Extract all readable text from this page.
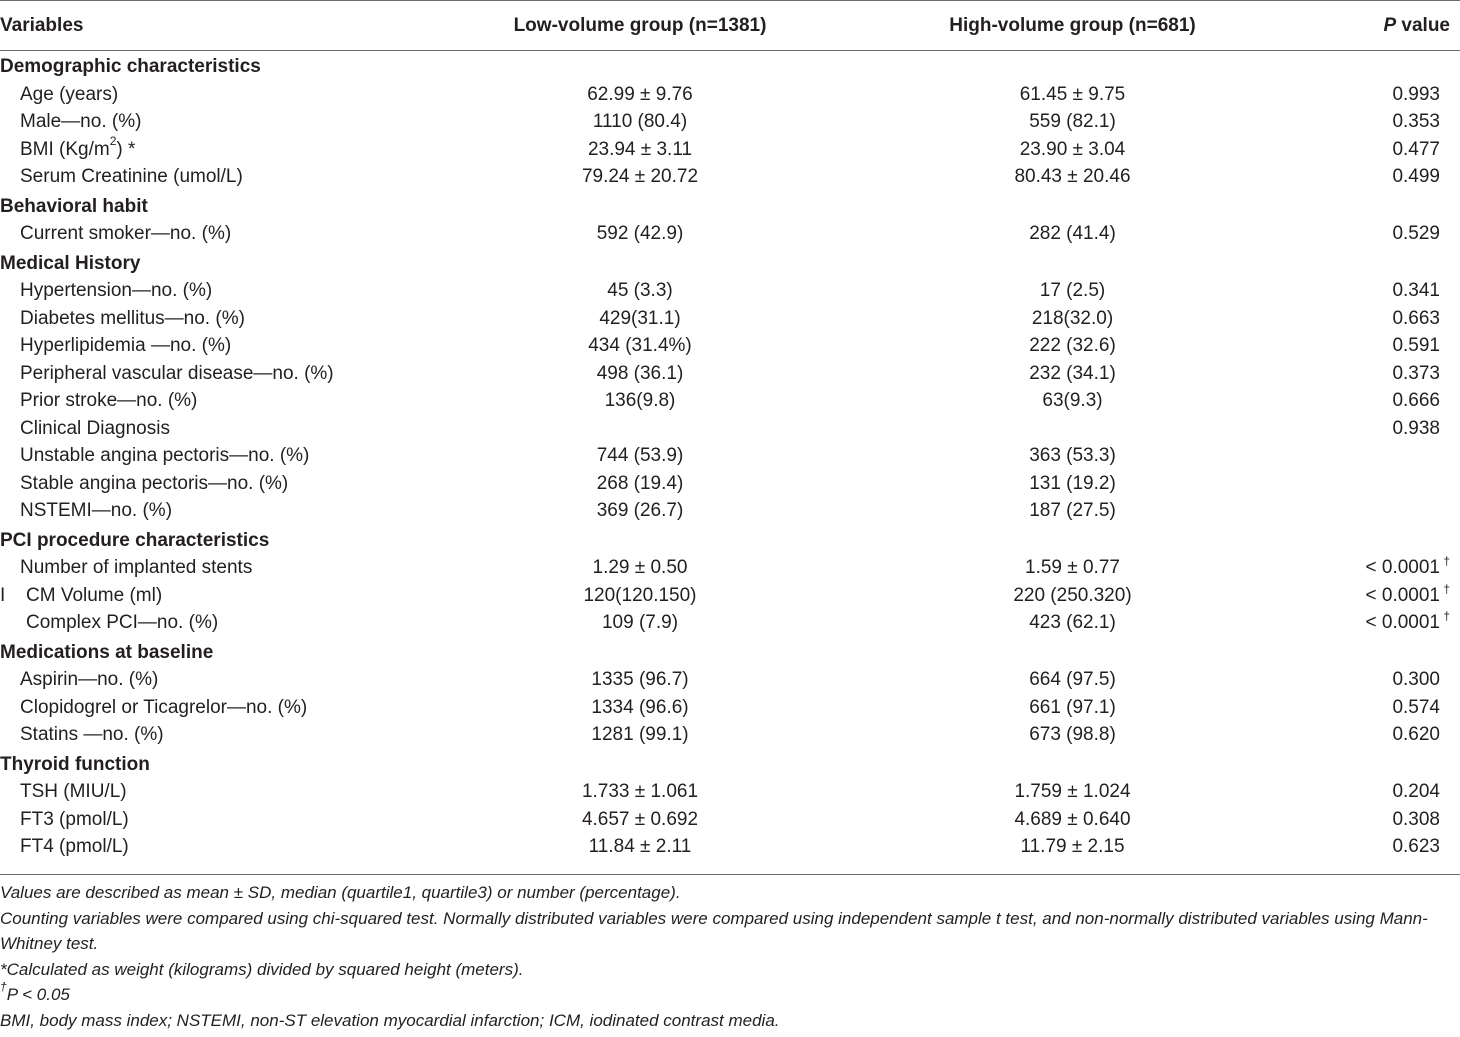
Variables	Low-volume group (n=1381)	High-volume group (n=681)	P value
Demographic characteristics			
Age (years)	62.99 ± 9.76	61.45 ± 9.75	0.993
Male—no. (%)	1110 (80.4)	559 (82.1)	0.353
BMI $(Kg/m^2)$ *	23.94 ± 3.11	23.90 ± 3.04	0.477
Serum Creatinine (umol/L)	79.24 ± 20.72	80.43 ± 20.46	0.499
Behavioral habit			
Current smoker—no. (%)	592 (42.9)	282 (41.4)	0.529
Medical History			
Hypertension—no. (%)	45 (3.3)	17 (2.5)	0.341
Diabetes mellitus—no. (%)	429(31.1)	218(32.0)	0.663
Hyperlipidemia —no. (%)	434 (31.4%)	222 (32.6)	0.591
Peripheral vascular disease—no. (%)	498 (36.1)	232 (34.1)	0.373
Prior stroke—no. (%)	136(9.8)	63(9.3)	0.666
Clinical Diagnosis			0.938
Unstable angina pectoris—no. (%)	744 (53.9)	363 (53.3)	
Stable angina pectoris—no. (%)	268 (19.4)	131 (19.2)	
NSTEMI—no. (%)	369 (26.7)	187 (27.5)	
PCI procedure characteristics			
Number of implanted stents	1.29 ± 0.50	1.59 ± 0.77	< 0.0001 †

I CM Volume (ml)	120(120.150)	220 (250.320)	< 0.0001 †

Complex PCI—no. (%)	109 (7.9)	423 (62.1)	< 0.0001 †

Medications at baseline			
Aspirin—no. (%)	1335 (96.7)	664 (97.5)	0.300
Clopidogrel or Ticagrelor—no. (%)	1334 (96.6)	661 (97.1)	0.574
Statins —no. (%)	1281 (99.1)	673 (98.8)	0.620
Thyroid function			
TSH (MIU/L)	1.733 ± 1.061	1.759 ± 1.024	0.204
FT3 (pmol/L)	4.657 ± 0.692	4.689 ± 0.640	0.308
FT4 (pmol/L)	11.84 ± 2.11	11.79 ± 2.15	0.623

Values are described as mean ± SD, median (quartile1, quartile3) or number (percentage).

Counting variables were compared using chi-squared test. Normally distributed variables were compared using independent sample t test, and non-normally distributed variables using Mann-Whitney test.

*Calculated as weight (kilograms) divided by squared height (meters).

†P < 0.05

BMI, body mass index; NSTEMI, non-ST elevation myocardial infarction; ICM, iodinated contrast media.
